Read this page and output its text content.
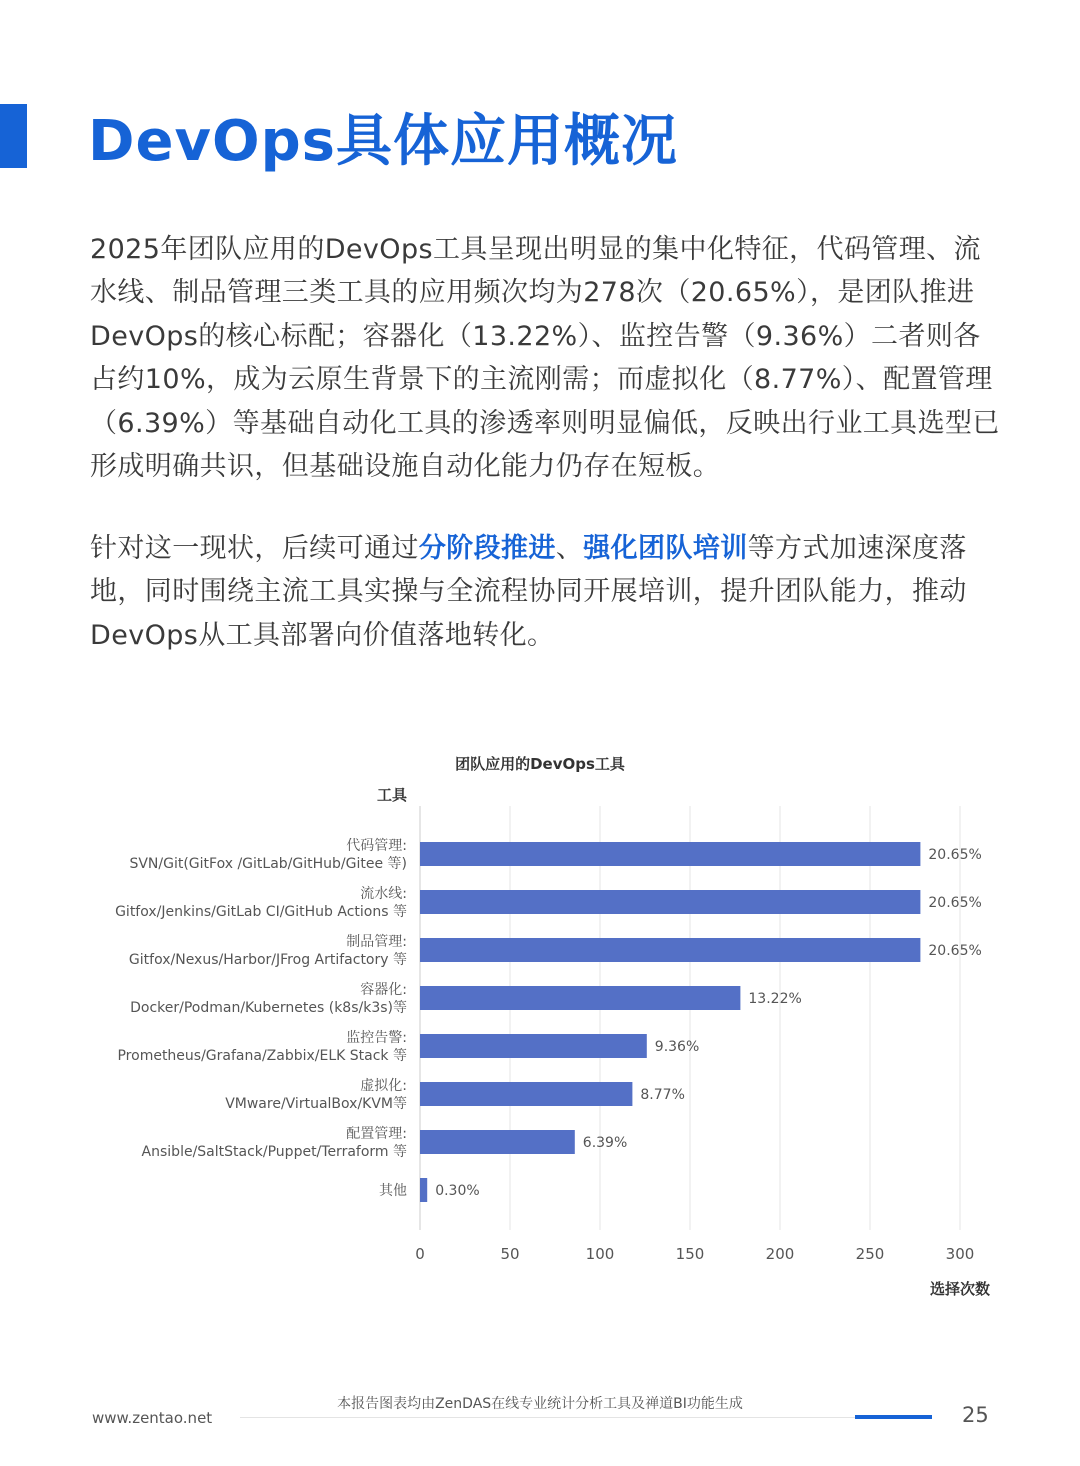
DevOps具体应用概况

2025年团队应用的DevOps工具呈现出明显的集中化特征，代码管理、流水线、制品管理三类工具的应用频次均为278次（20.65%），是团队推进DevOps的核心标配；容器化（13.22%）、监控告警（9.36%）二者则各占约10%，成为云原生背景下的主流刚需；而虚拟化（8.77%）、配置管理（6.39%）等基础自动化工具的渗透率则明显偏低，反映出行业工具选型已形成明确共识，但基础设施自动化能力仍存在短板。

针对这一现状，后续可通过分阶段推进、强化团队培训等方式加速深度落地，同时围绕主流工具实操与全流程协同开展培训，提升团队能力，推动DevOps从工具部署向价值落地转化。

团队应用的DevOps工具
工具
选择次数
0	50	100	150	200	250	300
20.65%
代码管理:
SVN/Git(GitFox /GitLab/GitHub/Gitee 等)
20.65%
流水线:
Gitfox/Jenkins/GitLab CI/GitHub Actions 等
20.65%
制品管理:
Gitfox/Nexus/Harbor/JFrog Artifactory 等
13.22%
容器化:
Docker/Podman/Kubernetes (k8s/k3s)等
9.36%
监控告警:
Prometheus/Grafana/Zabbix/ELK Stack 等
8.77%
虚拟化:
VMware/VirtualBox/KVM等
6.39%
配置管理:
Ansible/SaltStack/Puppet/Terraform 等
0.30%
其他
本报告图表均由ZenDAS在线专业统计分析工具及禅道BI功能生成
www.zentao.net	25
